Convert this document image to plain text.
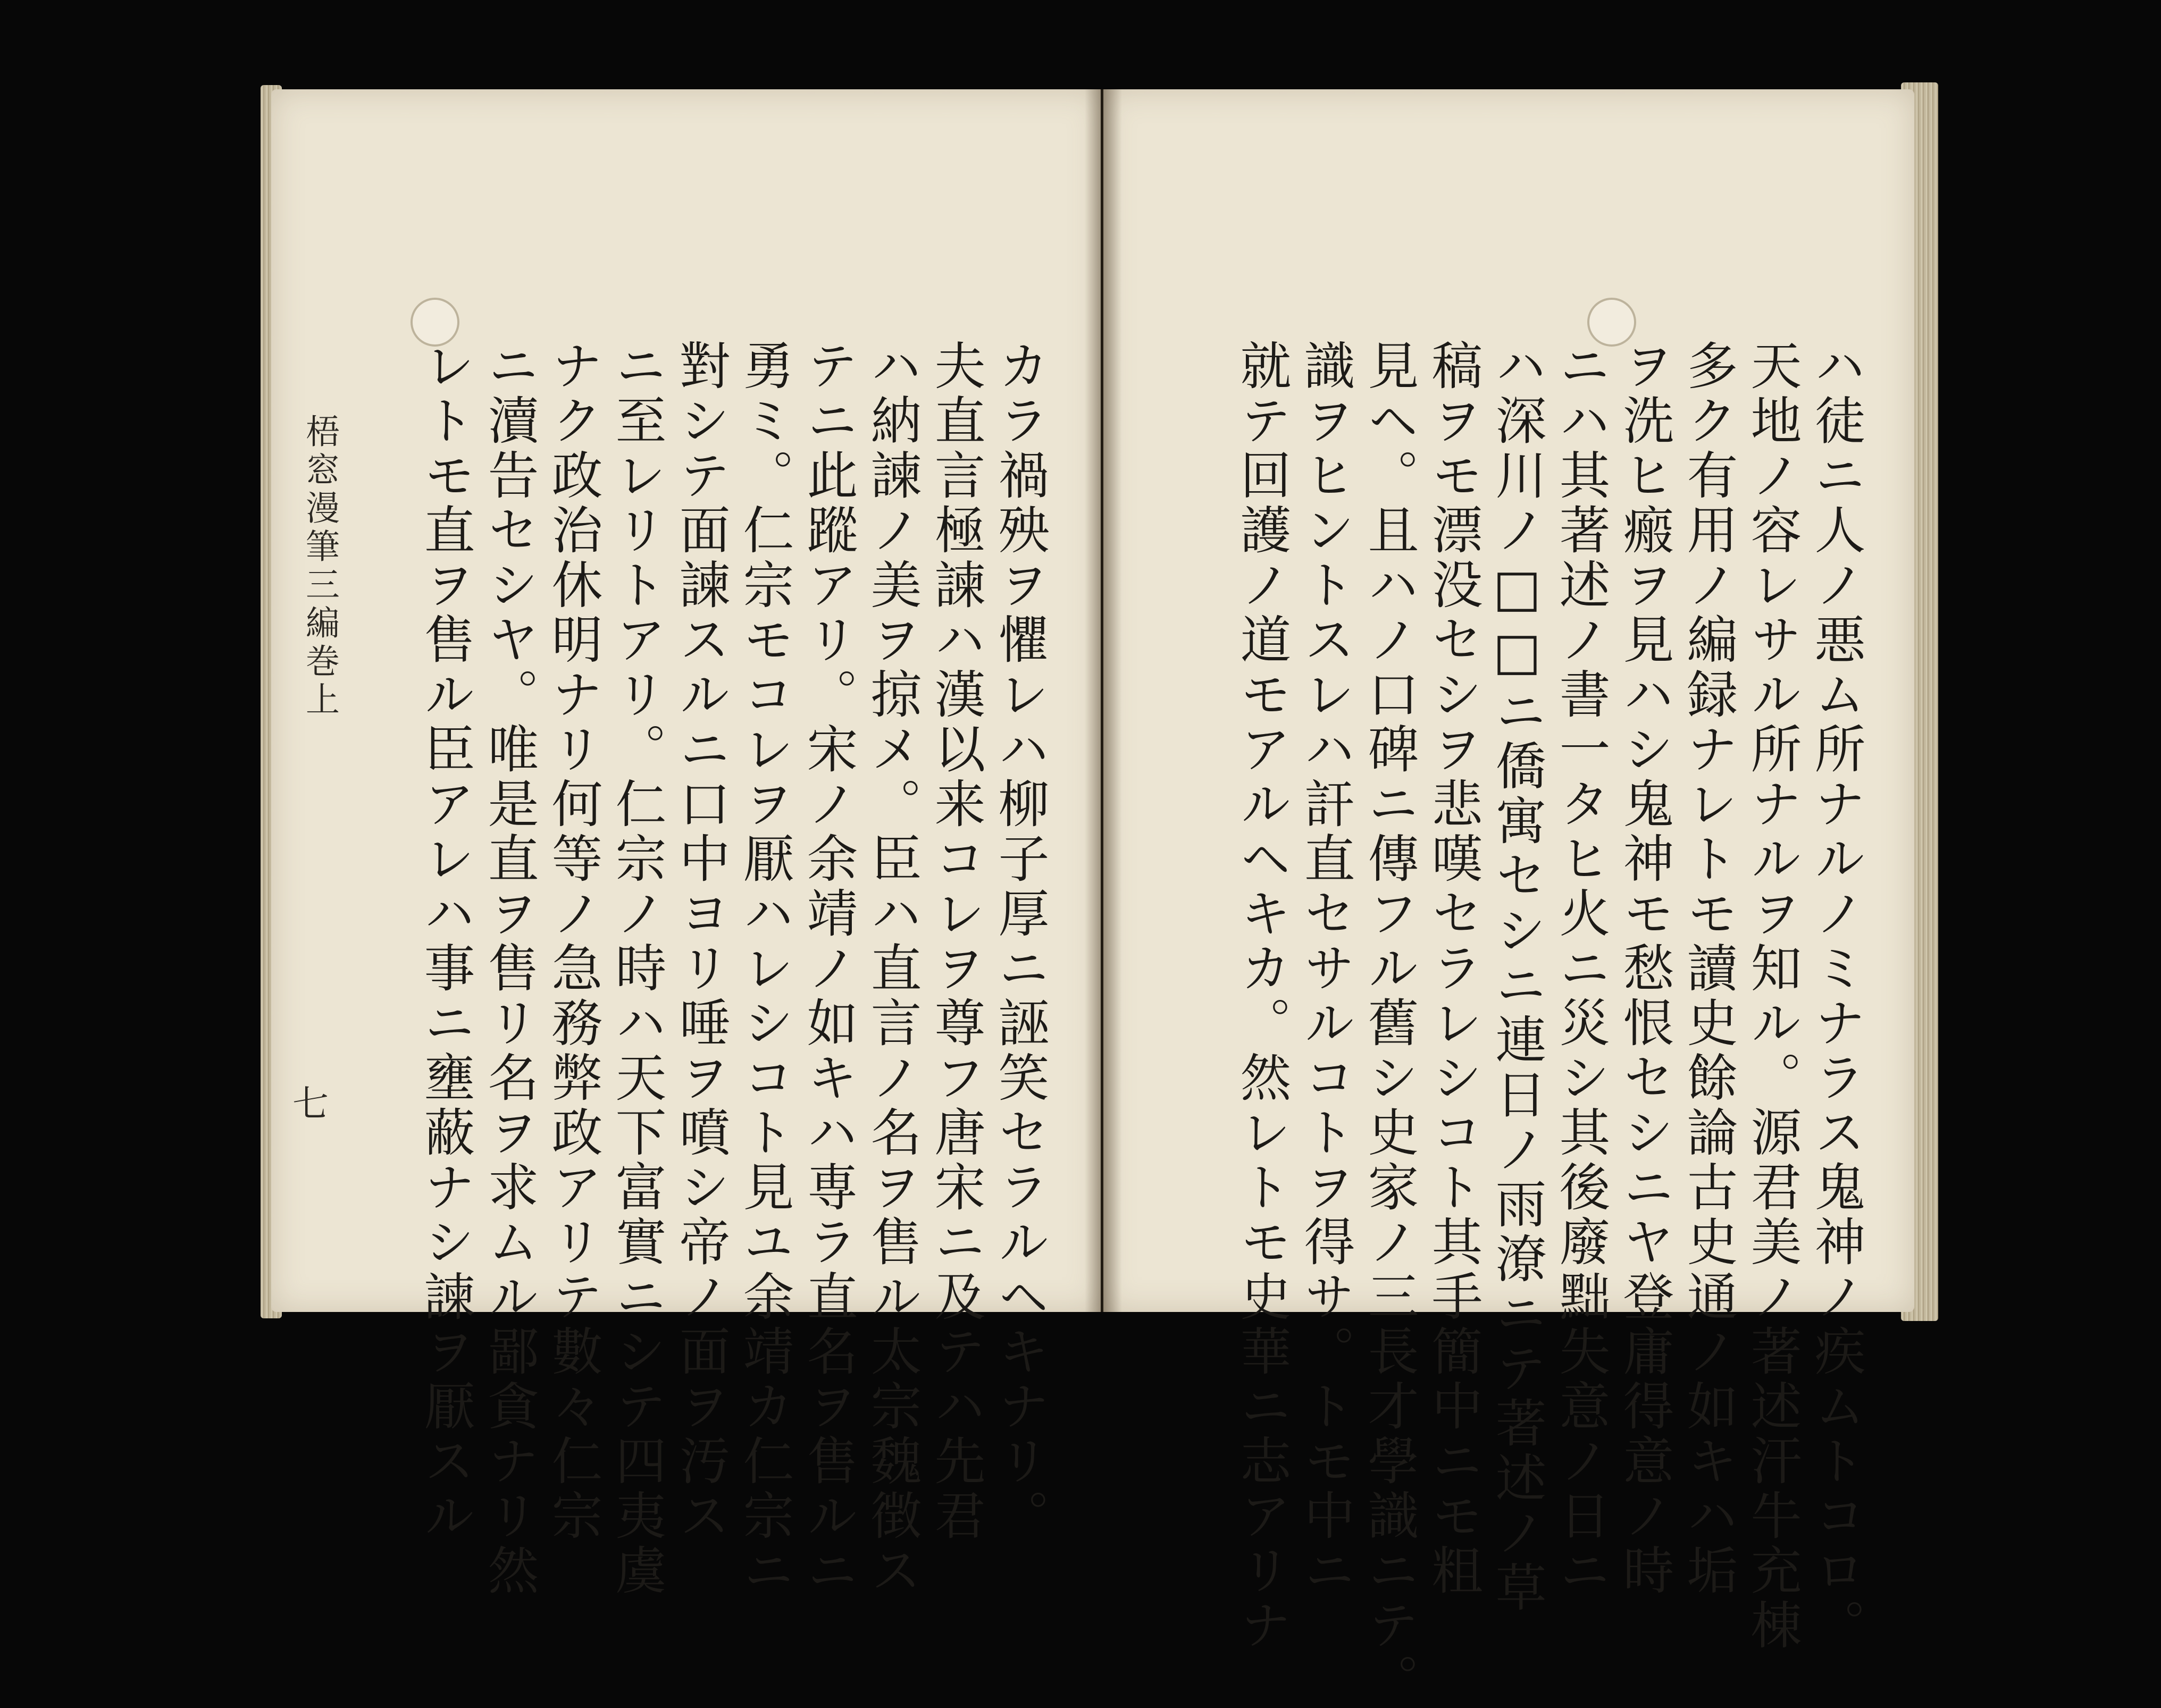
カラ禍殃ヲ懼レハ柳子厚ニ誣笑セラルヘキナリ。
夫直言極諫ハ漢以来コレヲ尊フ唐宋ニ及テハ先君
ハ納諫ノ美ヲ掠メ。臣ハ直言ノ名ヲ售ル太宗魏徴ス
テニ此蹤アリ。宋ノ余靖ノ如キハ専ラ直名ヲ售ルニ
勇ミ。仁宗モコレヲ厭ハレシコト見ユ余靖カ仁宗ニ
對シテ面諫スルニ口中ヨリ唾ヲ噴シ帝ノ面ヲ汚ス
ニ至レリトアリ。仁宗ノ時ハ天下富實ニシテ四夷虞
ナク政治休明ナリ何等ノ急務弊政アリテ數々仁宗
ニ瀆告セシヤ。唯是直ヲ售リ名ヲ求ムル鄙貪ナリ然
レトモ直ヲ售ル臣アレハ事ニ壅蔽ナシ諫ヲ厭スル
梧窓漫筆三編巻上
七	ハ徒ニ人ノ悪ム所ナルノミナラス鬼神ノ疾ムトコロ。
天地ノ容レサル所ナルヲ知ル。源君美ノ著述汗牛充棟
多ク有用ノ編録ナレトモ讀史餘論古史通ノ如キハ垢
ヲ洗ヒ瘢ヲ見ハシ鬼神モ愁恨セシニヤ登庸得意ノ時
ニハ其著述ノ書一タヒ火ニ災シ其後廢黜失意ノ日ニ
ハ深川ノ□□ニ僑寓セシニ連日ノ雨潦ニテ著述ノ草
稿ヲモ漂没セシヲ悲嘆セラレシコト其手簡中ニモ粗
見ヘ。且ハノ口碑ニ傳フル舊シ史家ノ三長才學識ニテ。
識ヲヒントスレハ訐直セサルコトヲ得サ。トモ中ニ
就テ回護ノ道モアルヘキカ。然レトモ史華ニ志アリナ
